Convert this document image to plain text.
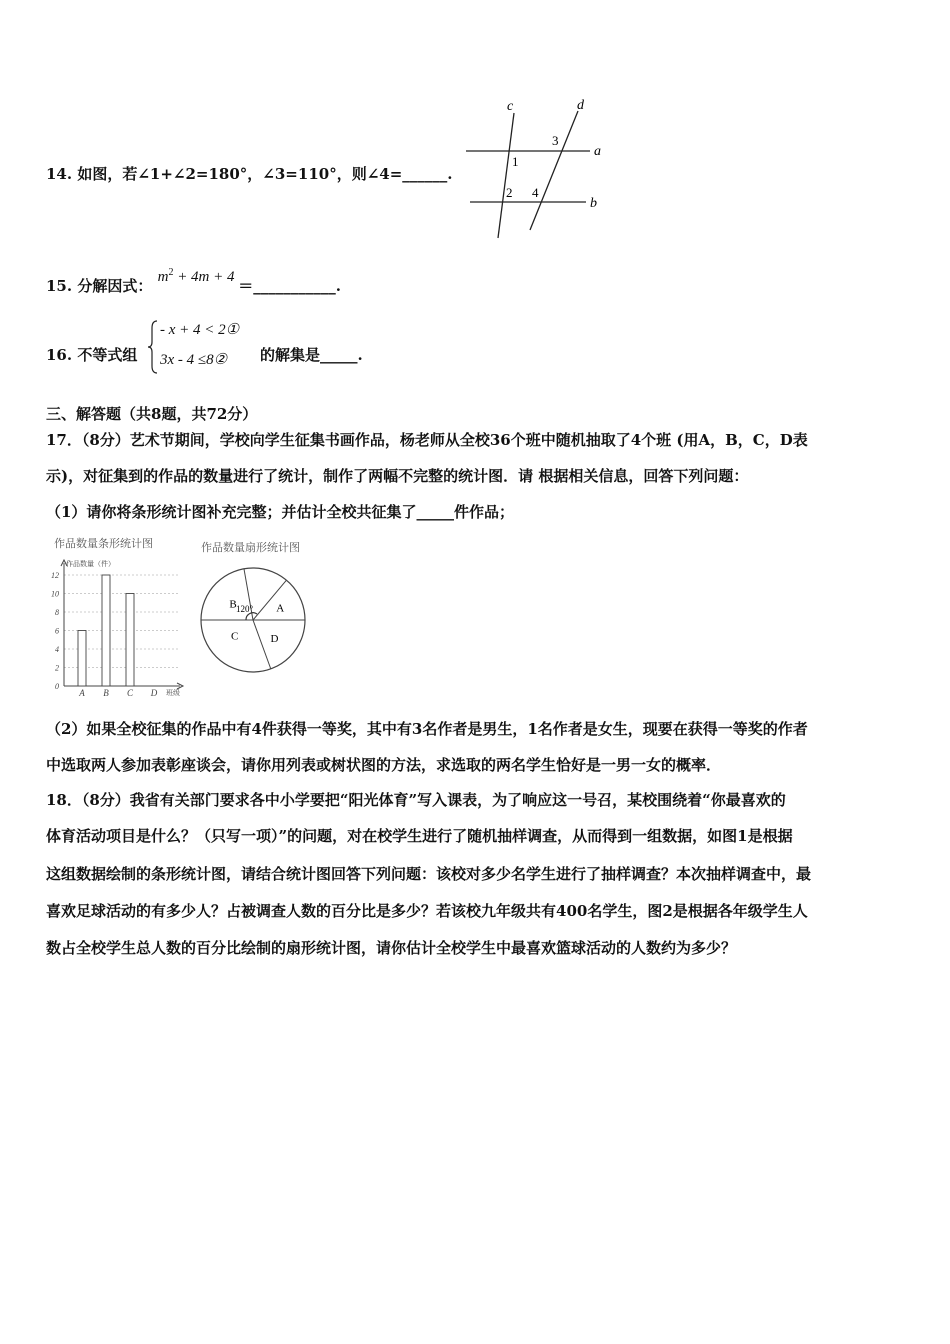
14. 如图，若∠1+∠2=180°，∠3=110°，则∠4=______.
c	d
a
b
1
2
3
4
15. 分解因式： $m^2 + 4m + 4$ ＝___________.
16. 不等式组
- x + 4 < 2①
3x - 4 ≤8② 的解集是_____.
三、解答题（共8题，共72分）
17．（8分）艺术节期间，学校向学生征集书画作品，杨老师从全校36个班中随机抽取了4个班 (用A，B，C，D表
示)，对征集到的作品的数量进行了统计，制作了两幅不完整的统计图．请 根据相关信息，回答下列问题：
（1）请你将条形统计图补充完整；并估计全校共征集了_____件作品；
作品数量条形统计图
作品数量（件）
班级
0
2
4
6
8
10
12
A B C D
作品数量扇形统计图
120° A
B
C	D
（2）如果全校征集的作品中有4件获得一等奖，其中有3名作者是男生，1名作者是女生，现要在获得一等奖的作者
中选取两人参加表彰座谈会，请你用列表或树状图的方法，求选取的两名学生恰好是一男一女的概率．
18．（8分）我省有关部门要求各中小学要把“阳光体育”写入课表，为了响应这一号召，某校围绕着“你最喜欢的
体育活动项目是什么？（只写一项）”的问题，对在校学生进行了随机抽样调查，从而得到一组数据，如图1是根据
这组数据绘制的条形统计图，请结合统计图回答下列问题：该校对多少名学生进行了抽样调查？本次抽样调查中，最
喜欢足球活动的有多少人？占被调查人数的百分比是多少？若该校九年级共有400名学生，图2是根据各年级学生人
数占全校学生总人数的百分比绘制的扇形统计图，请你估计全校学生中最喜欢篮球活动的人数约为多少？
